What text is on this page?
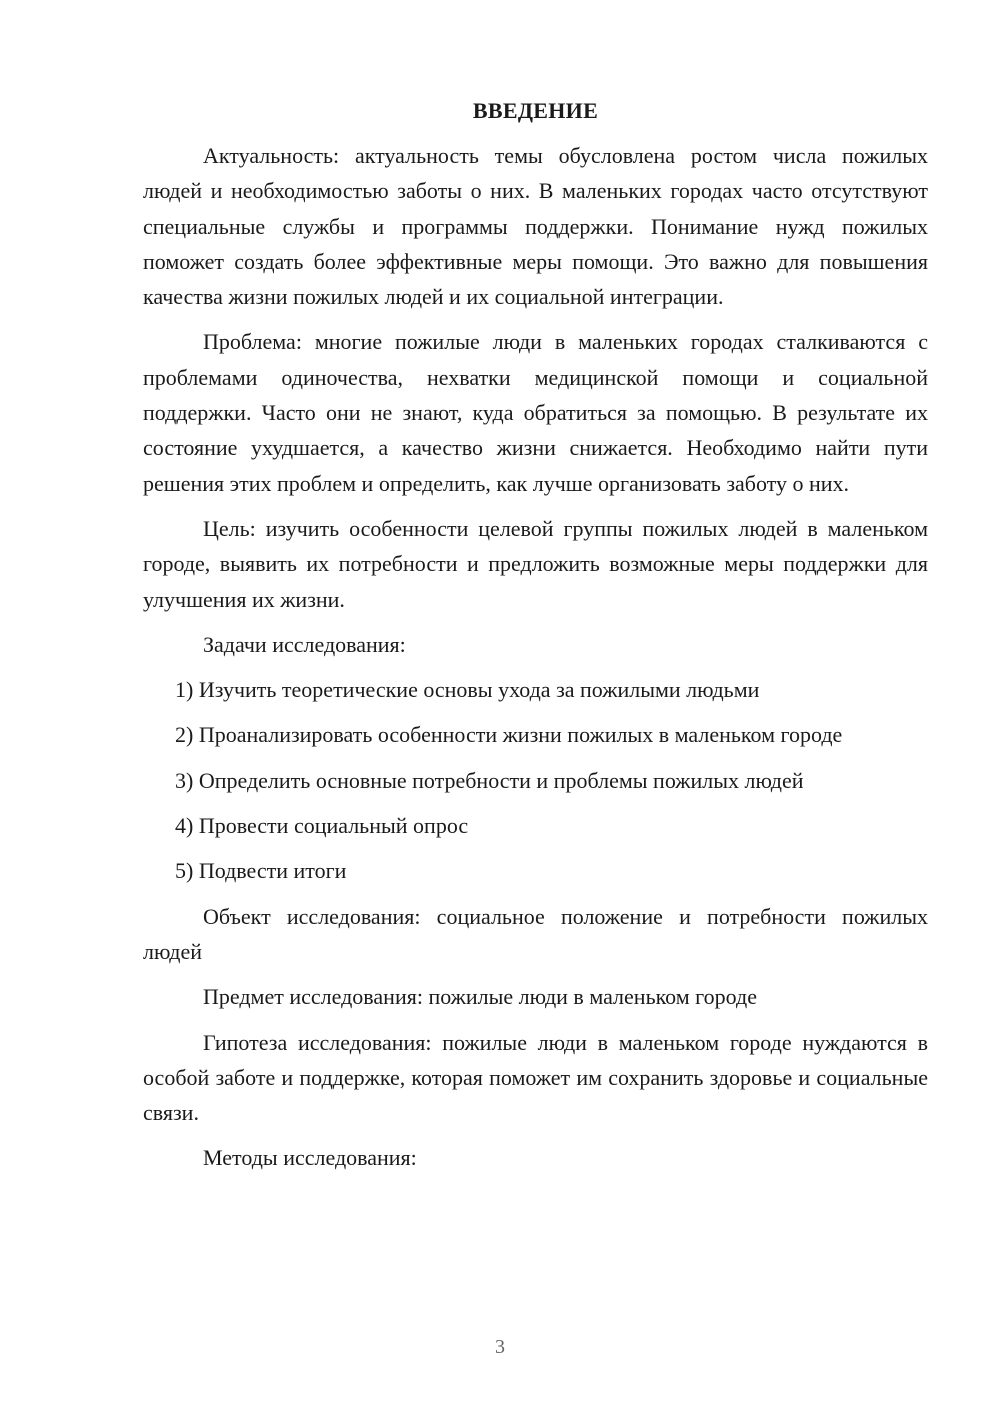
ВВЕДЕНИЕ

Актуальность: актуальность темы обусловлена ростом числа пожилых людей и необходимостью заботы о них. В маленьких городах часто отсутствуют специальные службы и программы поддержки. Понимание нужд пожилых поможет создать более эффективные меры помощи. Это важно для повышения качества жизни пожилых людей и их социальной интеграции.

Проблема: многие пожилые люди в маленьких городах сталкиваются с проблемами одиночества, нехватки медицинской помощи и социальной поддержки. Часто они не знают, куда обратиться за помощью. В результате их состояние ухудшается, а качество жизни снижается. Необходимо найти пути решения этих проблем и определить, как лучше организовать заботу о них.

Цель: изучить особенности целевой группы пожилых людей в маленьком городе, выявить их потребности и предложить возможные меры поддержки для улучшения их жизни.

Задачи исследования:

1) Изучить теоретические основы ухода за пожилыми людьми

2) Проанализировать особенности жизни пожилых в маленьком городе

3) Определить основные потребности и проблемы пожилых людей

4) Провести социальный опрос

5) Подвести итоги

Объект исследования: социальное положение и потребности пожилых людей

Предмет исследования: пожилые люди в маленьком городе

Гипотеза исследования: пожилые люди в маленьком городе нуждаются в особой заботе и поддержке, которая поможет им сохранить здоровье и социальные связи.

Методы исследования:

3
